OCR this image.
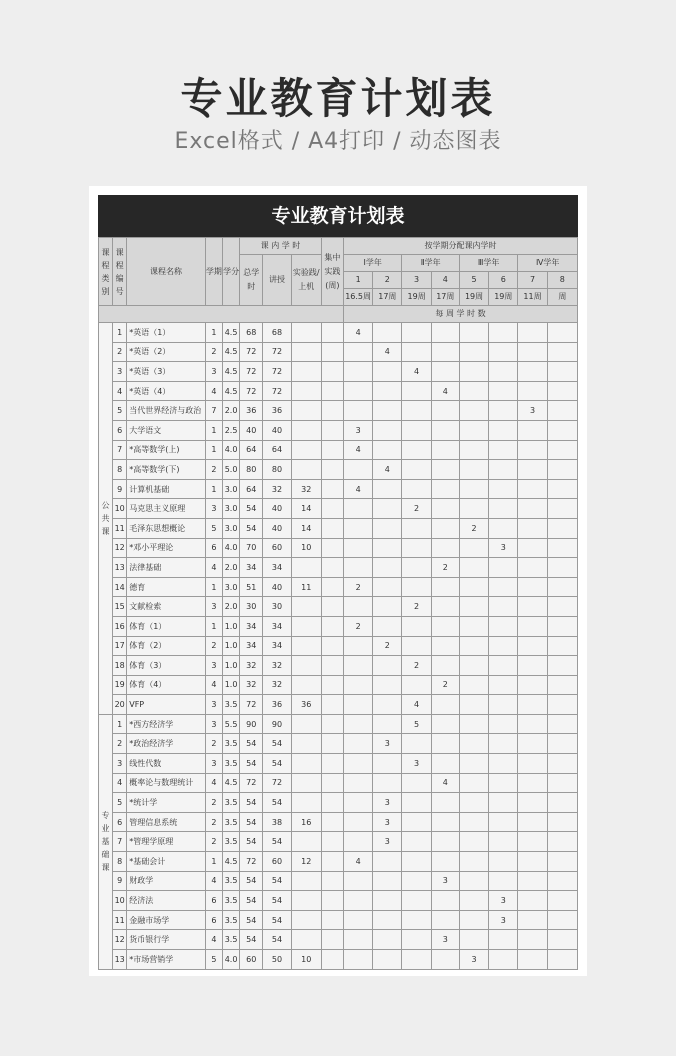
专业教育计划表
Excel格式 / A4打印 / 动态图表
专业教育计划表
课程类别	课程编号	课程名称	学期	学分	课 内 学 时			集中实践(周)	按学期分配课内学时							
					总学时	讲授	实验践/上机		Ⅰ学年		Ⅱ学年		Ⅲ学年		Ⅳ学年	
									1	2	3	4	5	6	7	8
									16.5周	17周	19周	17周	19周	19周	11周	周
									每 周 学 时 数							
公共课	1	*英语（1）	1	4.5	68	68			4							
	2	*英语（2）	2	4.5	72	72				4						
	3	*英语（3）	3	4.5	72	72					4					
	4	*英语（4）	4	4.5	72	72						4				
	5	当代世界经济与政治	7	2.0	36	36									3	
	6	大学语文	1	2.5	40	40			3							
	7	*高等数学(上)	1	4.0	64	64			4							
	8	*高等数学(下)	2	5.0	80	80				4						
	9	计算机基础	1	3.0	64	32	32		4							
	10	马克思主义原理	3	3.0	54	40	14				2					
	11	毛泽东思想概论	5	3.0	54	40	14						2			
	12	*邓小平理论	6	4.0	70	60	10							3		
	13	法律基础	4	2.0	34	34						2				
	14	德育	1	3.0	51	40	11		2							
	15	文献检索	3	2.0	30	30					2					
	16	体育（1）	1	1.0	34	34			2							
	17	体育（2）	2	1.0	34	34				2						
	18	体育（3）	3	1.0	32	32					2					
	19	体育（4）	4	1.0	32	32						2				
	20	VFP	3	3.5	72	36	36				4					
专业基础课	1	*西方经济学	3	5.5	90	90					5					
	2	*政治经济学	2	3.5	54	54				3						
	3	线性代数	3	3.5	54	54					3					
	4	概率论与数理统计	4	4.5	72	72						4				
	5	*统计学	2	3.5	54	54				3						
	6	管理信息系统	2	3.5	54	38	16			3						
	7	*管理学原理	2	3.5	54	54				3						
	8	*基础会计	1	4.5	72	60	12		4							
	9	财政学	4	3.5	54	54						3				
	10	经济法	6	3.5	54	54								3		
	11	金融市场学	6	3.5	54	54								3		
	12	货币银行学	4	3.5	54	54						3				
	13	*市场营销学	5	4.0	60	50	10						3			
